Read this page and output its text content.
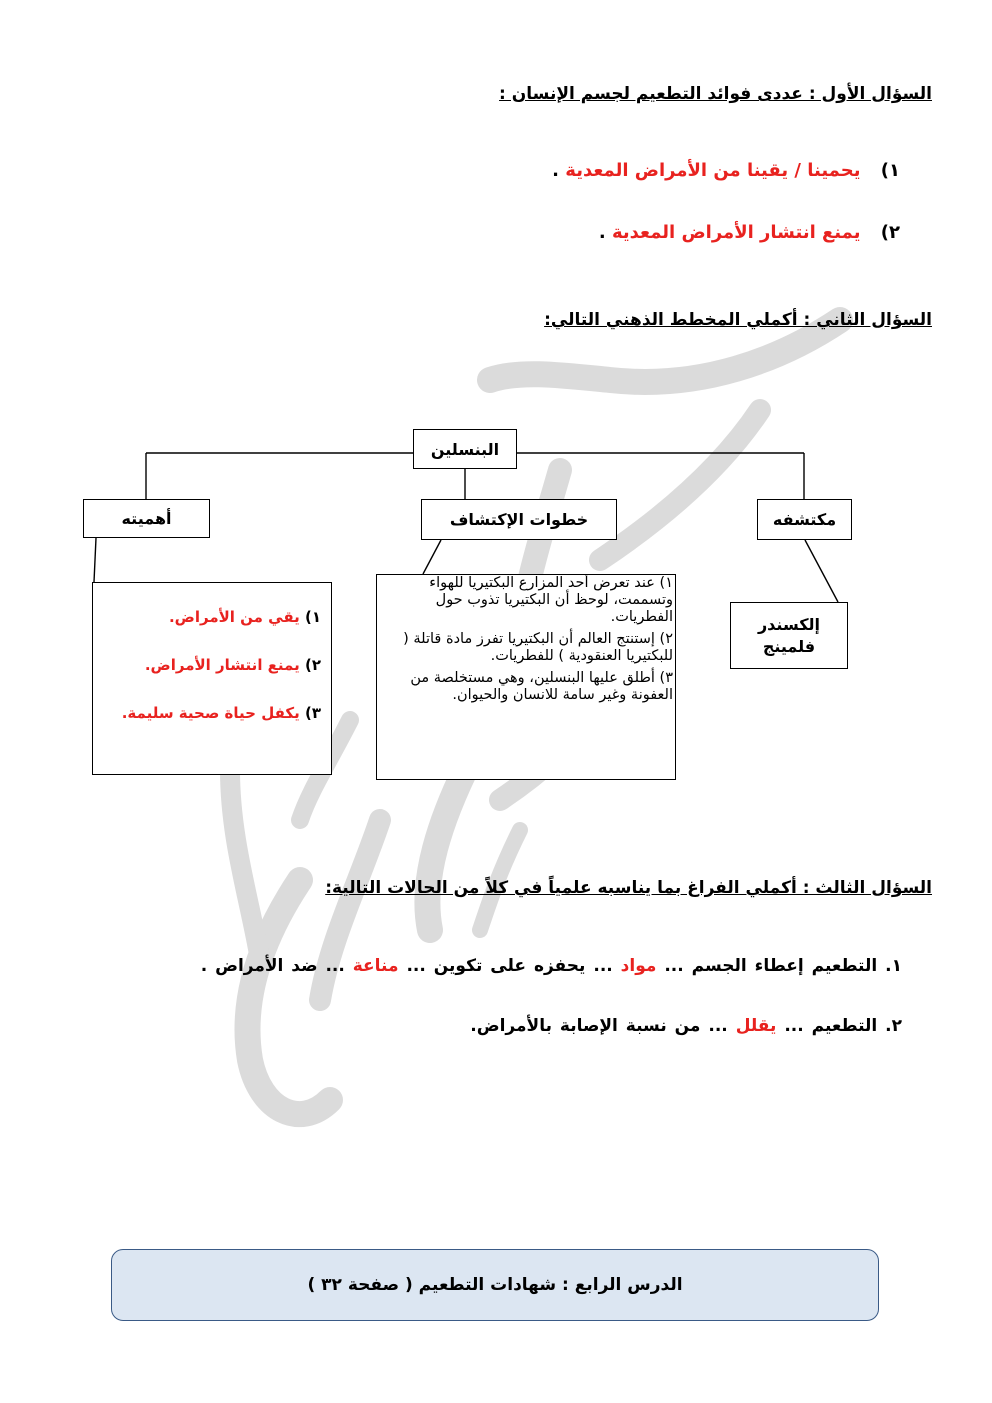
السؤال الأول : عددى فوائد التطعيم لجسم الإنسان :
١) يحمينا / يقينا من الأمراض المعدية .
٢) يمنع انتشار الأمراض المعدية .
السؤال الثاني : أكملي المخطط الذهني التالي:
البنسلين
أهميته	خطوات الإكتشاف	مكتشفه
إلكسندر فلمينج

١) عند تعرض أحد المزارع البكتيريا للهواء وتسممت، لوحظ أن البكتيريا تذوب حول الفطريات.

٢) إستنتج العالم أن البكتيريا تفرز مادة قاتلة ( للبكتيريا العنقودية ) للفطريات.

٣) أطلق عليها البنسلين، وهي مستخلصة من العفونة وغير سامة للانسان والحيوان.

١) يقي من الأمراض.
٢) يمنع انتشار الأمراض.
٣) يكفل حياة صحية سليمة.
السؤال الثالث : أكملي الفراغ بما يناسبه علمياً في كلاً من الحالات التالية:
١. التطعيم إعطاء الجسم ... مواد ... يحفزه على تكوين ... مناعة ... ضد الأمراض .
٢. التطعيم ... يقلل ... من نسبة الإصابة بالأمراض.
الدرس الرابع : شهادات التطعيم ( صفحة ٣٢ )
